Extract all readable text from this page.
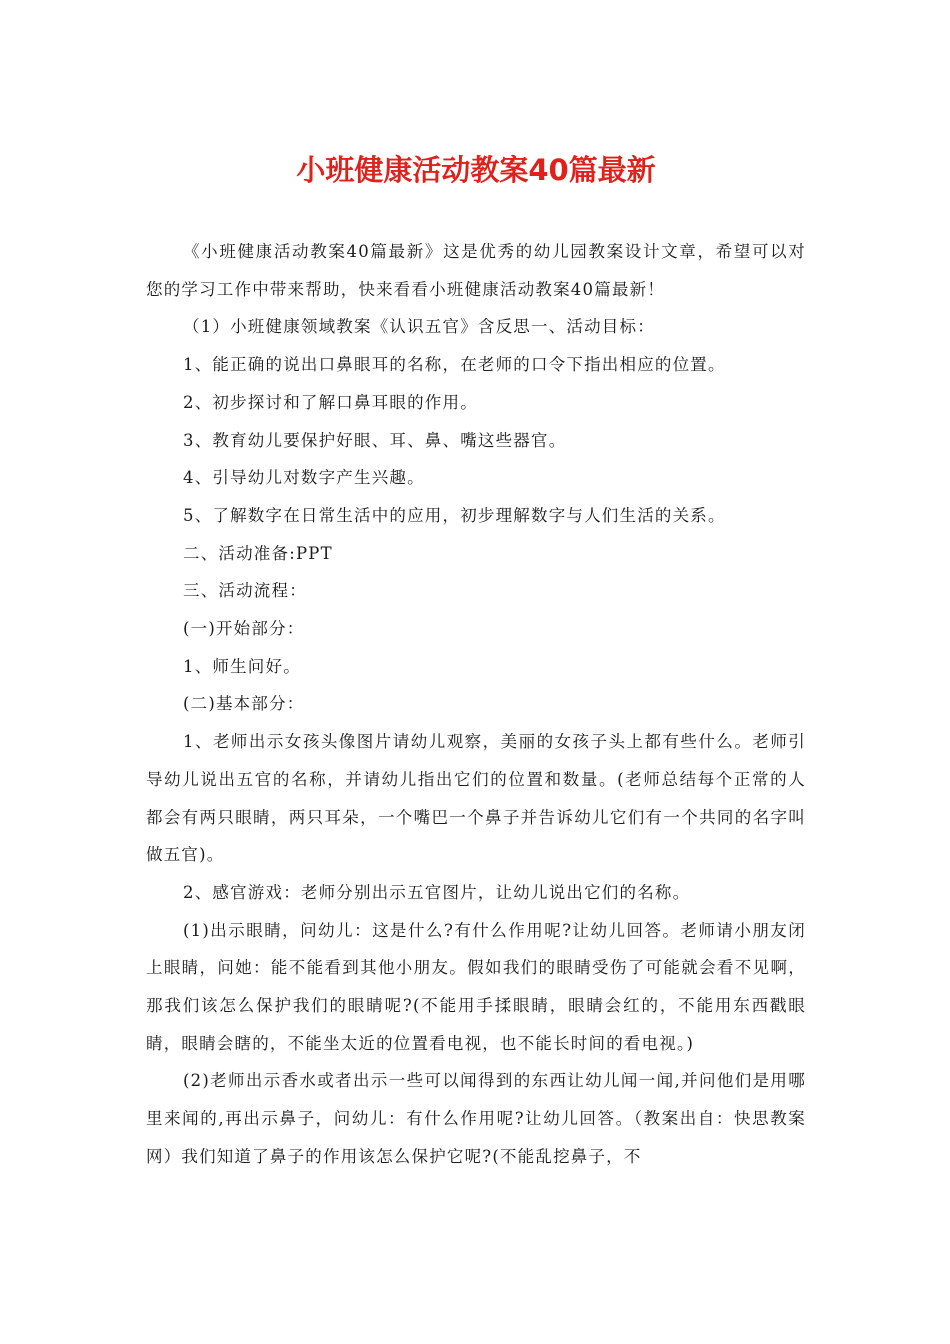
小班健康活动教案40篇最新

《小班健康活动教案40篇最新》这是优秀的幼儿园教案设计文章，希望可以对您的学习工作中带来帮助，快来看看小班健康活动教案40篇最新！

（1）小班健康领域教案《认识五官》含反思一、活动目标：

1、能正确的说出口鼻眼耳的名称，在老师的口令下指出相应的位置。

2、初步探讨和了解口鼻耳眼的作用。

3、教育幼儿要保护好眼、耳、鼻、嘴这些器官。

4、引导幼儿对数字产生兴趣。

5、了解数字在日常生活中的应用，初步理解数字与人们生活的关系。

二、活动准备:PPT

三、活动流程：

(一)开始部分：

1、师生问好。

(二)基本部分：

1、老师出示女孩头像图片请幼儿观察，美丽的女孩子头上都有些什么。老师引导幼儿说出五官的名称，并请幼儿指出它们的位置和数量。(老师总结每个正常的人都会有两只眼睛，两只耳朵，一个嘴巴一个鼻子并告诉幼儿它们有一个共同的名字叫做五官)。

2、感官游戏：老师分别出示五官图片，让幼儿说出它们的名称。

(1)出示眼睛，问幼儿：这是什么?有什么作用呢?让幼儿回答。老师请小朋友闭上眼睛，问她：能不能看到其他小朋友。假如我们的眼睛受伤了可能就会看不见啊，那我们该怎么保护我们的眼睛呢?(不能用手揉眼睛，眼睛会红的，不能用东西戳眼睛，眼睛会瞎的，不能坐太近的位置看电视，也不能长时间的看电视。)

(2)老师出示香水或者出示一些可以闻得到的东西让幼儿闻一闻,并问他们是用哪里来闻的,再出示鼻子，问幼儿：有什么作用呢?让幼儿回答。（教案出自：快思教案网）我们知道了鼻子的作用该怎么保护它呢?(不能乱挖鼻子，不
